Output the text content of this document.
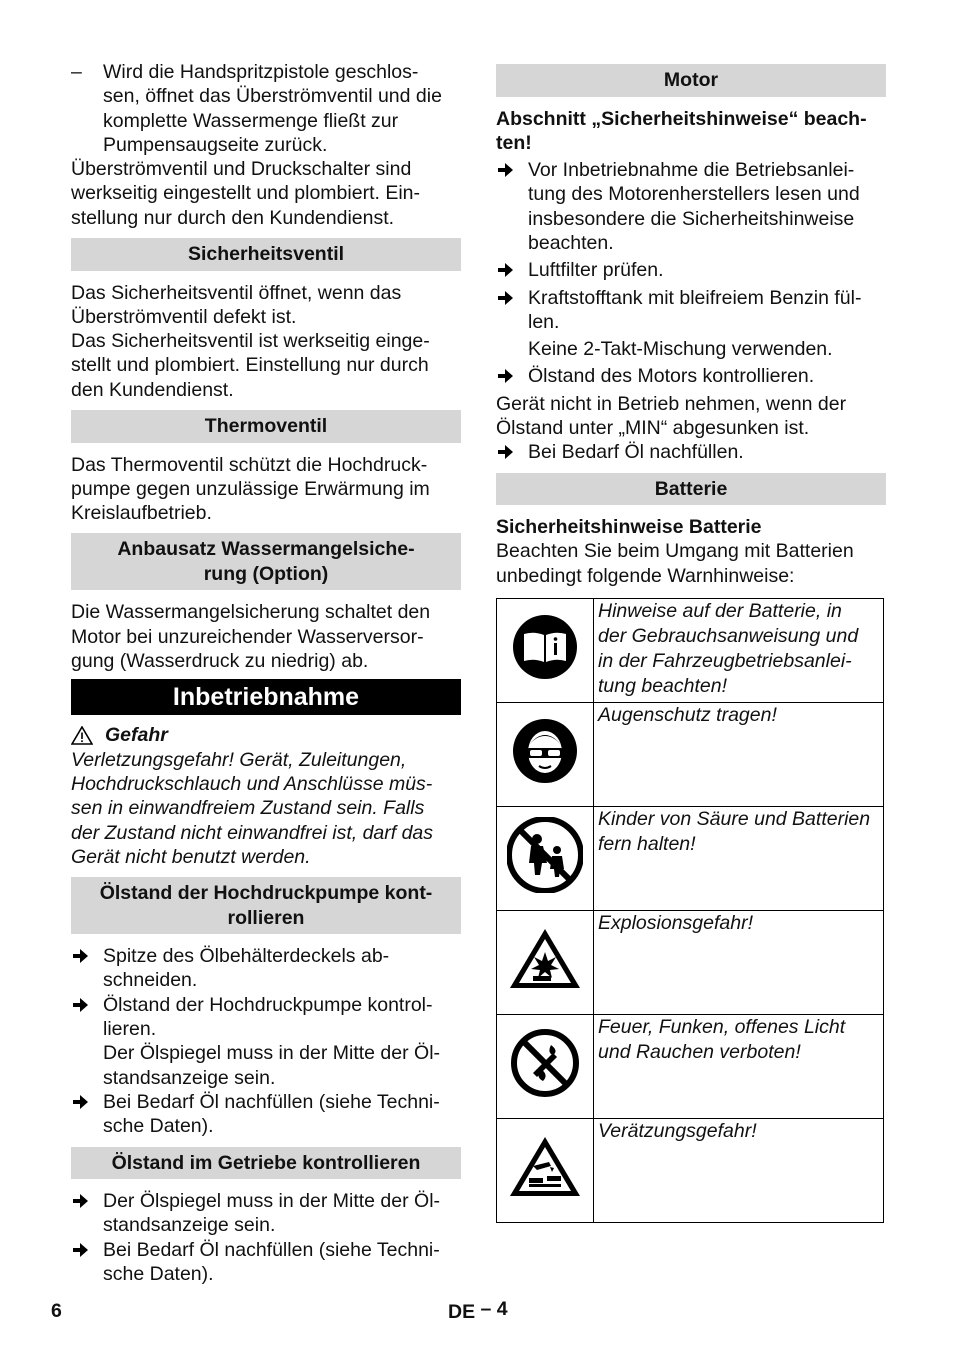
– Wird die Handspritzpistole geschlos-
sen, öffnet das Überströmventil und die
komplette Wassermenge fließt zur
Pumpensaugseite zurück.
Überströmventil und Druckschalter sind
werkseitig eingestellt und plombiert. Ein-
stellung nur durch den Kundendienst.
Sicherheitsventil
Das Sicherheitsventil öffnet, wenn das
Überströmventil defekt ist.
Das Sicherheitsventil ist werkseitig einge-
stellt und plombiert. Einstellung nur durch
den Kundendienst.
Thermoventil
Das Thermoventil schützt die Hochdruck-
pumpe gegen unzulässige Erwärmung im
Kreislaufbetrieb.
Anbausatz Wassermangelsiche-
rung (Option)
Die Wassermangelsicherung schaltet den
Motor bei unzureichender Wasserversor-
gung (Wasserdruck zu niedrig) ab.
Inbetriebnahme
Gefahr
Verletzungsgefahr! Gerät, Zuleitungen,
Hochdruckschlauch und Anschlüsse müs-
sen in einwandfreiem Zustand sein. Falls
der Zustand nicht einwandfrei ist, darf das
Gerät nicht benutzt werden.
Ölstand der Hochdruckpumpe kont-
rollieren
Spitze des Ölbehälterdeckels ab-
schneiden.
Ölstand der Hochdruckpumpe kontrol-
lieren.
Der Ölspiegel muss in der Mitte der Öl-
standsanzeige sein.
Bei Bedarf Öl nachfüllen (siehe Techni-
sche Daten).
Ölstand im Getriebe kontrollieren
Der Ölspiegel muss in der Mitte der Öl-
standsanzeige sein.
Bei Bedarf Öl nachfüllen (siehe Techni-
sche Daten).
Motor
Abschnitt „Sicherheitshinweise“ beach-
ten!
Vor Inbetriebnahme die Betriebsanlei-
tung des Motorenherstellers lesen und
insbesondere die Sicherheitshinweise
beachten.
Luftfilter prüfen.
Kraftstofftank mit bleifreiem Benzin fül-
len.
Keine 2-Takt-Mischung verwenden.
Ölstand des Motors kontrollieren.
Gerät nicht in Betrieb nehmen, wenn der
Ölstand unter „MIN“ abgesunken ist.
Bei Bedarf Öl nachfüllen.
Batterie
Sicherheitshinweise Batterie
Beachten Sie beim Umgang mit Batterien
unbedingt folgende Warnhinweise:
	Hinweise auf der Batterie, in
der Gebrauchsanweisung und
in der Fahrzeugbetriebsanlei-
tung beachten!
	Augenschutz tragen!
	Kinder von Säure und Batterien
fern halten!
	Explosionsgefahr!
	Feuer, Funken, offenes Licht
und Rauchen verboten!
	Verätzungsgefahr!
6	DE – 4
